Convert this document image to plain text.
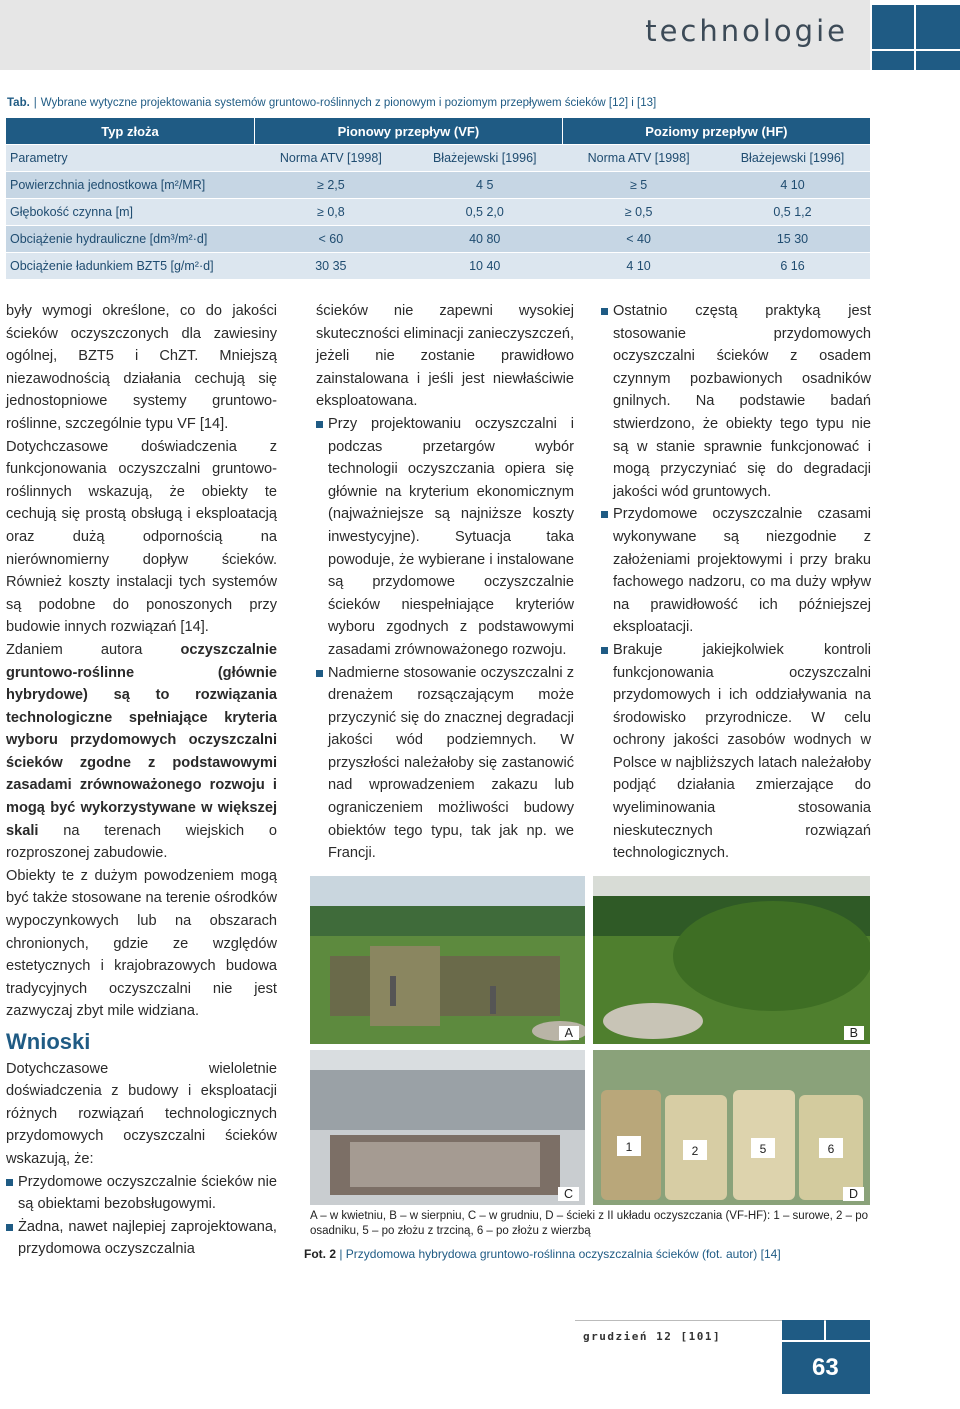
technologie
Tab. | Wybrane wytyczne projektowania systemów gruntowo-roślinnych z pionowym i poziomym przepływem ścieków [12] i [13]
Typ złoża	Pionowy przepływ (VF)		Poziomy przepływ (HF)	
Parametry	Norma ATV [1998]	Błażejewski [1996]	Norma ATV [1998]	Błażejewski [1996]
Powierzchnia jednostkowa [m²/MR]	≥ 2,5	4 5	≥ 5	4 10
Głębokość czynna [m]	≥ 0,8	0,5 2,0	≥ 0,5	0,5 1,2
Obciążenie hydrauliczne [dm³/m²·d]	< 60	40 80	< 40	15 30
Obciążenie ładunkiem BZT5 [g/m²·d]	30 35	10 40	4 10	6 16

były wymogi określone, co do jakości ścieków oczyszczonych dla zawiesiny ogólnej, BZT5 i ChZT. Mniejszą niezawodnością działania cechują się jednostopniowe systemy gruntowo-roślinne, szczególnie typu VF [14].

Dotychczasowe doświadczenia z funkcjonowania oczyszczalni gruntowo-roślinnych wskazują, że obiekty te cechują się prostą obsługą i eksploatacją oraz dużą odpornością na nierównomierny dopływ ścieków. Również koszty instalacji tych systemów są podobne do ponoszonych przy budowie innych rozwiązań [14].

Zdaniem autora oczyszczalnie gruntowo-roślinne (głównie hybrydowe) są to rozwiązania technologiczne spełniające kryteria wyboru przydomowych oczyszczalni ścieków zgodne z podstawowymi zasadami zrównoważonego rozwoju i mogą być wykorzystywane w większej skali na terenach wiejskich o rozproszonej zabudowie.

Obiekty te z dużym powodzeniem mogą być także stosowane na terenie ośrodków wypoczynkowych lub na obszarach chronionych, gdzie ze względów estetycznych i krajobrazowych budowa tradycyjnych oczyszczalni nie jest zazwyczaj zbyt mile widziana.

Wnioski

Dotychczasowe wieloletnie doświadczenia z budowy i eksploatacji różnych rozwiązań technologicznych przydomowych oczyszczalni ścieków wskazują, że:

Przydomowe oczyszczalnie ścieków nie są obiektami bezobsługowymi.

Żadna, nawet najlepiej zaprojektowana, przydomowa oczyszczalnia

ścieków nie zapewni wysokiej skuteczności eliminacji zanieczyszczeń, jeżeli nie zostanie prawidłowo zainstalowana i jeśli jest niewłaściwie eksploatowana.

Przy projektowaniu oczyszczalni i podczas przetargów wybór technologii oczyszczania opiera się głównie na kryterium ekonomicznym (najważniejsze są najniższe koszty inwestycyjne). Sytuacja taka powoduje, że wybierane i instalowane są przydomowe oczyszczalnie ścieków niespełniające kryteriów wyboru zgodnych z podstawowymi zasadami zrównoważonego rozwoju.

Nadmierne stosowanie oczyszczalni z drenażem rozsączającym może przyczynić się do znacznej degradacji jakości wód podziemnych. W przyszłości należałoby się zastanowić nad wprowadzeniem zakazu lub ograniczeniem możliwości budowy obiektów tego typu, tak jak np. we Francji.

Ostatnio częstą praktyką jest stosowanie przydomowych oczyszczalni ścieków z osadem czynnym pozbawionych osadników gnilnych. Na podstawie badań stwierdzono, że obiekty tego typu nie są w stanie sprawnie funkcjonować i mogą przyczyniać się do degradacji jakości wód gruntowych.

Przydomowe oczyszczalnie czasami wykonywane są niezgodnie z założeniami projektowymi i przy braku fachowego nadzoru, co ma duży wpływ na prawidłowość ich późniejszej eksploatacji.

Brakuje jakiejkolwiek kontroli funkcjonowania oczyszczalni przydomowych i ich oddziaływania na środowisko przyrodnicze. W celu ochrony jakości zasobów wodnych w Polsce w najbliższych latach należałoby podjąć działania zmierzające do wyeliminowania stosowania nieskutecznych rozwiązań technologicznych.

A	B
C
1	2	5	6
D
A – w kwietniu, B – w sierpniu, C – w grudniu, D – ścieki z II układu oczyszczania (VF-HF): 1 – surowe, 2 – po osadniku, 5 – po złożu z trzciną, 6 – po złożu z wierzbą
Fot. 2 | Przydomowa hybrydowa gruntowo-roślinna oczyszczalnia ścieków (fot. autor) [14]
grudzień 12 [101]
63
